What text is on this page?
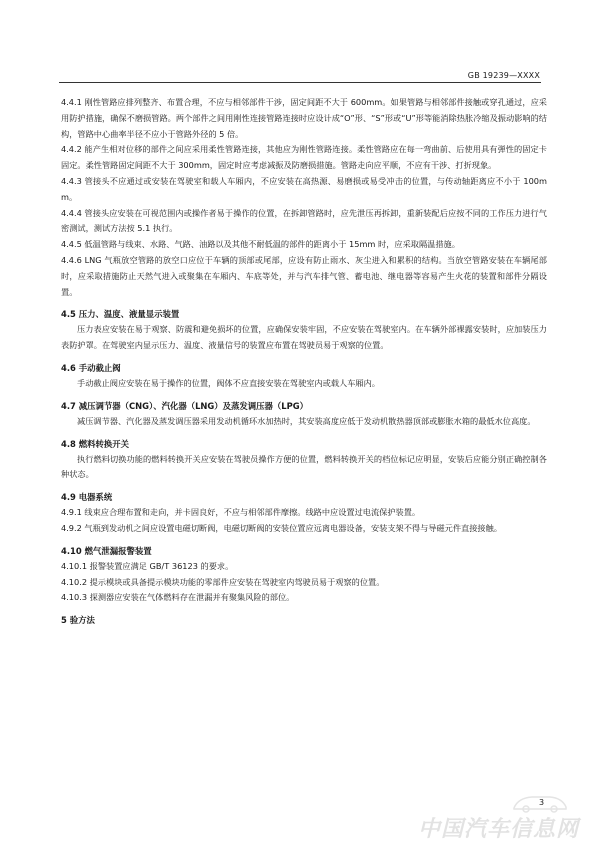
GB 19239—XXXX

4.4.1 刚性管路应排列整齐、布置合理，不应与相邻部件干涉，固定间距不大于 600mm。如果管路与相邻部件接触或穿孔通过，应采用防护措施，确保不磨损管路。两个部件之间用刚性连接管路连接时应设计成“O”形、“S”形或“U”形等能消除热胀冷缩及振动影响的结构，管路中心曲率半径不应小于管路外径的 5 倍。

4.4.2 能产生相对位移的部件之间应采用柔性管路连接，其他应为刚性管路连接。柔性管路应在每一弯曲前、后使用具有弹性的固定卡固定。柔性管路固定间距不大于 300mm，固定时应考虑减振及防磨损措施。管路走向应平顺，不应有干涉、打折现象。

4.4.3 管接头不应通过或安装在驾驶室和载人车厢内，不应安装在高热源、易磨损或易受冲击的位置，与传动轴距离应不小于 100mm。

4.4.4 管接头应安装在可视范围内或操作者易于操作的位置，在拆卸管路时，应先泄压再拆卸，重新装配后应按不同的工作压力进行气密测试，测试方法按 5.1 执行。

4.4.5 低温管路与线束、水路、气路、油路以及其他不耐低温的部件的距离小于 15mm 时，应采取隔温措施。

4.4.6 LNG 气瓶放空管路的放空口应位于车辆的顶部或尾部，应设有防止雨水、灰尘进入和累积的结构。当放空管路安装在车辆尾部时，应采取措施防止天然气进入或聚集在车厢内、车底等处，并与汽车排气管、蓄电池、继电器等容易产生火花的装置和部件分隔设置。

4.5 压力、温度、液量显示装置

压力表应安装在易于观察、防震和避免损坏的位置，应确保安装牢固，不应安装在驾驶室内。在车辆外部裸露安装时，应加装压力表防护罩。在驾驶室内显示压力、温度、液量信号的装置应布置在驾驶员易于观察的位置。

4.6 手动截止阀

手动截止阀应安装在易于操作的位置，阀体不应直接安装在驾驶室内或载人车厢内。

4.7 减压调节器（CNG）、汽化器（LNG）及蒸发调压器（LPG）

减压调节器、汽化器及蒸发调压器采用发动机循环水加热时，其安装高度应低于发动机散热器顶部或膨胀水箱的最低水位高度。

4.8 燃料转换开关

执行燃料切换功能的燃料转换开关应安装在驾驶员操作方便的位置，燃料转换开关的档位标记应明显，安装后应能分别正确控制各种状态。

4.9 电器系统

4.9.1 线束应合理布置和走向，并卡固良好，不应与相邻部件摩擦。线路中应设置过电流保护装置。

4.9.2 气瓶到发动机之间应设置电磁切断阀，电磁切断阀的安装位置应远离电器设备，安装支架不得与导磁元件直接接触。

4.10 燃气泄漏报警装置

4.10.1 报警装置应满足 GB/T 36123 的要求。

4.10.2 提示模块或具备提示模块功能的零部件应安装在驾驶室内驾驶员易于观察的位置。

4.10.3 探测器应安装在气体燃料存在泄漏并有聚集风险的部位。

5 验方法

3
中国汽车信息网
